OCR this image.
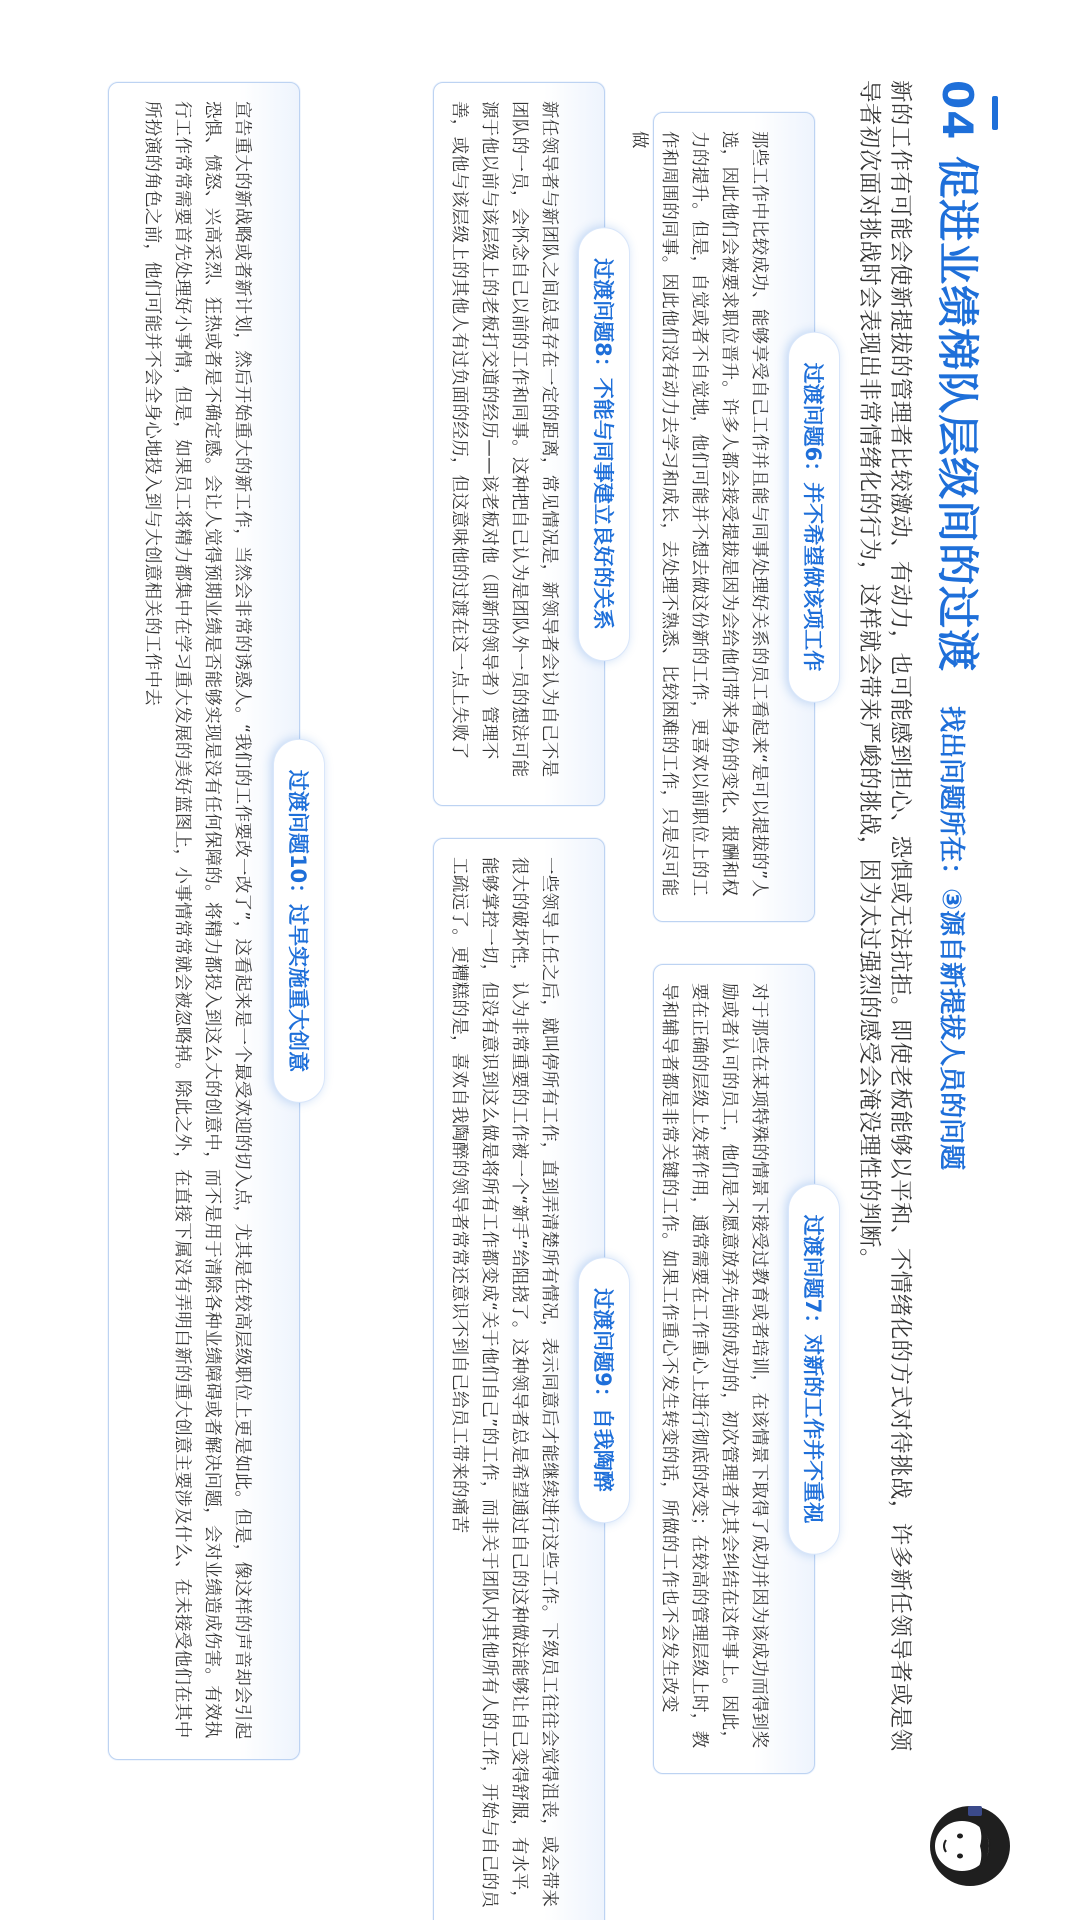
04 促进业绩梯队层级间的过渡
找出问题所在：③源自新提拔人员的问题
新的工作有可能会使新提拔的管理者比较激动、有动力，也可能感到担心、恐惧或无法抗拒。即使老板能够以平和、不情绪化的方式对待挑战，许多新任领导者或是领导者初次面对挑战时会表现出非常情绪化的行为，这样就会带来严峻的挑战，因为太过强烈的感受会淹没理性的判断。
过渡问题6：并不希望做该项工作
那些工作中比较成功、能够享受自己工作并且能与同事处理好关系的员工看起来“是可以提拔的”人选，因此他们会被要求职位晋升。许多人都会接受提拔是因为会给他们带来身份的变化、报酬和权力的提升。但是，自觉或者不自觉地，他们可能并不想去做这份新的工作，更喜欢以前职位上的工作和周围的同事。因此他们没有动力去学习和成长，去处理不熟悉、比较困难的工作，只是尽可能做
过渡问题7：对新的工作并不重视
对于那些在某项特殊的情景下接受过教育或者培训，在该情景下取得了成功并因为该成功而得到奖励或者认可的员工，他们是不愿意放弃先前的成功的，初次管理者尤其会纠结在这件事上。因此，要在正确的层级上发挥作用，通常需要在工作重心上进行彻底的改变；在较高的管理层级上时，教导和辅导者都是非常关键的工作。如果工作重心不发生转变的话，所做的工作也不会发生改变
过渡问题8：不能与同事建立良好的关系
新任领导者与新团队之间总是存在一定的距离，常见情况是，新领导者会认为自己不是团队的一员，会怀念自己以前的工作和同事。这种把自己认为是团队外一员的想法可能源于他以前与该层级上的老板打交道的经历——该老板对他（即新的领导者）管理不善，或他与该层级上的其他人有过负面的经历，但这意味他的过渡在这一点上失败了
过渡问题9：自我陶醉
一些领导上任之后，就叫停所有工作，直到弄清楚所有情况，表示同意后才能继续进行这些工作。下级员工往往会觉得沮丧，或会带来很大的破坏性，认为非常重要的工作被一个“新手”给阻挠了。这种领导者总是希望通过自己的这种做法能够让自己变得舒服，有水平，能够掌控一切，但没有意识到这么做是将所有工作都变成“关于他们自己”的工作，而非关于团队内其他所有人的工作，开始与自己的员工疏远了。更糟糕的是，喜欢自我陶醉的领导者常常还意识不到自己给员工带来的痛苦
过渡问题10：过早实施重大创意
宣告重大的新战略或者新计划，然后开始重大的新工作，当然会非常的诱惑人。“我们的工作要改一改了”，这看起来是一个最受欢迎的切入点，尤其是在较高层级职位上更是如此。但是，像这样的声音却会引起恐惧、愤怒、兴高采烈、狂热或者是不确定感。会让人觉得预期业绩是否能够实现是没有任何保障的。将精力都投入到这么大的创意中，而不是用于清除各种业绩障碍或者解决问题，会对业绩造成伤害。有效执行工作常常需要首先处理好小事情，但是，如果员工将精力都集中在学习重大发展的美好蓝图上，小事情常常就会被忽略掉。除此之外，在直接下属没有弄明白新的重大创意主要涉及什么、在未接受他们在其中所扮演的角色之前，他们可能并不会全身心地投入到与大创意相关的工作中去
